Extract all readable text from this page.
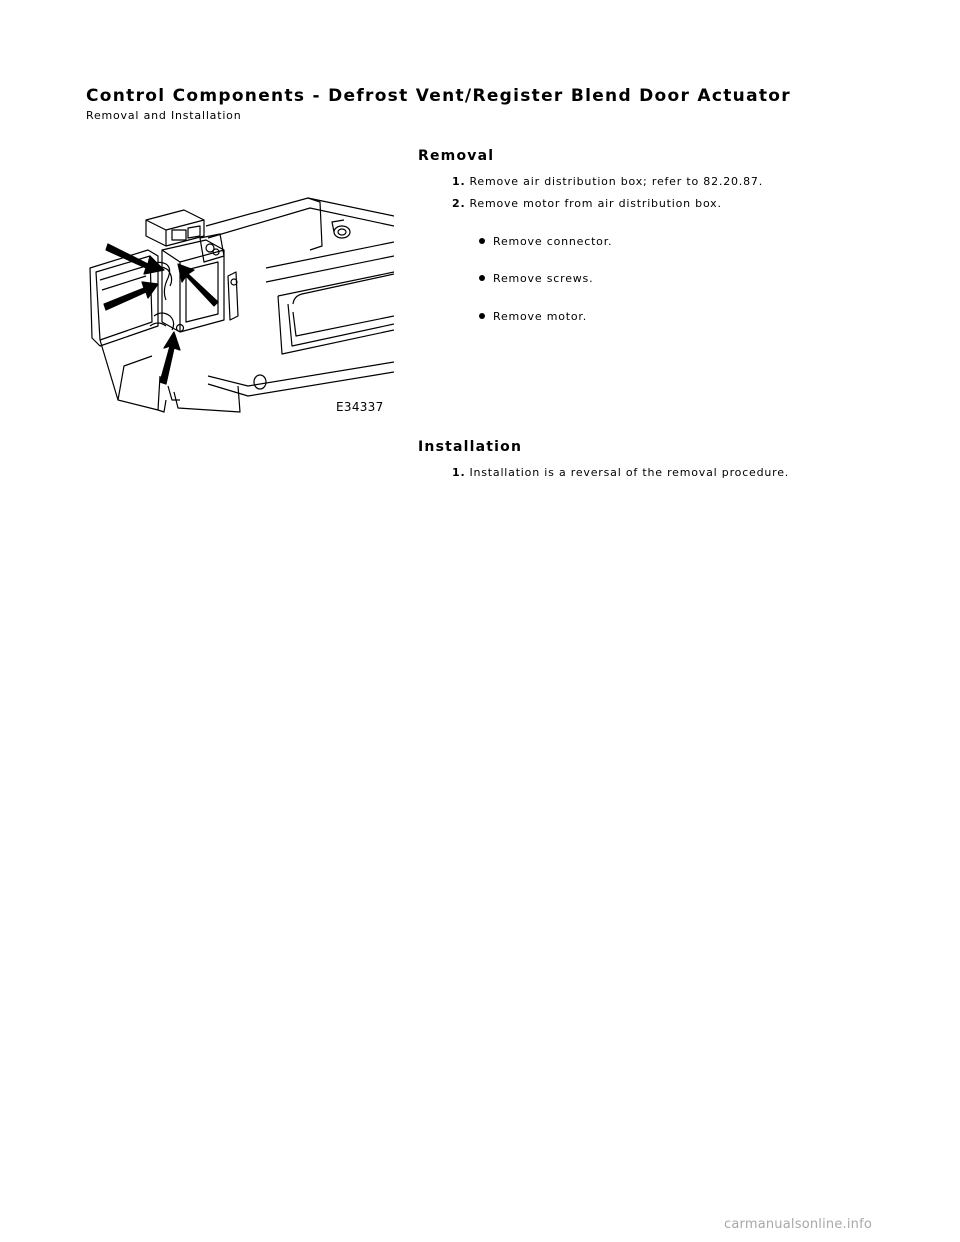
Control Components - Defrost Vent/Register Blend Door Actuator
Removal and Installation
Removal
1. Remove air distribution box; refer to 82.20.87.
2. Remove motor from air distribution box.
Remove connector.
Remove screws.
Remove motor.
E34337
Installation
1. Installation is a reversal of the removal procedure.
carmanualsonline.info
